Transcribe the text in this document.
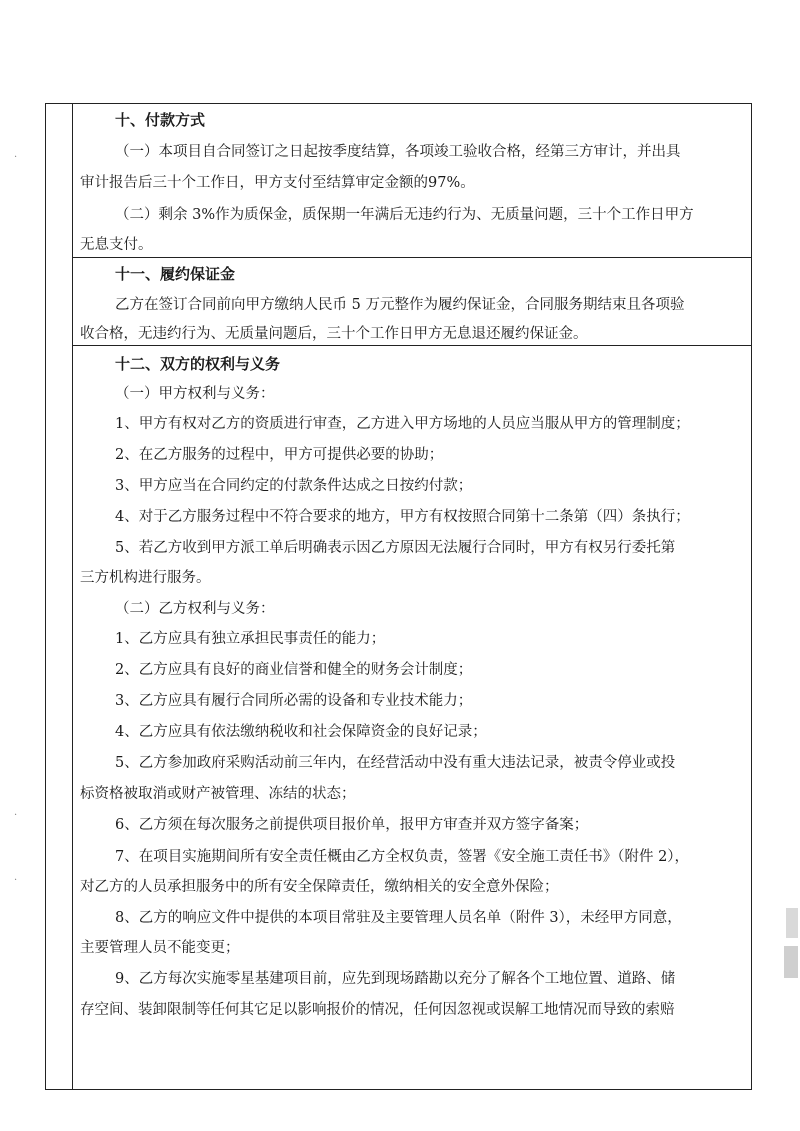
十、付款方式
（一）本项目自合同签订之日起按季度结算，各项竣工验收合格，经第三方审计，并出具
审计报告后三十个工作日，甲方支付至结算审定金额的97%。
（二）剩余 3%作为质保金，质保期一年满后无违约行为、无质量问题，三十个工作日甲方
无息支付。
十一、履约保证金
乙方在签订合同前向甲方缴纳人民币 5 万元整作为履约保证金，合同服务期结束且各项验
收合格，无违约行为、无质量问题后，三十个工作日甲方无息退还履约保证金。
十二、双方的权利与义务
（一）甲方权利与义务：
1、甲方有权对乙方的资质进行审查，乙方进入甲方场地的人员应当服从甲方的管理制度；
2、在乙方服务的过程中，甲方可提供必要的协助；
3、甲方应当在合同约定的付款条件达成之日按约付款；
4、对于乙方服务过程中不符合要求的地方，甲方有权按照合同第十二条第（四）条执行；
5、若乙方收到甲方派工单后明确表示因乙方原因无法履行合同时，甲方有权另行委托第
三方机构进行服务。
（二）乙方权利与义务：
1、乙方应具有独立承担民事责任的能力；
2、乙方应具有良好的商业信誉和健全的财务会计制度；
3、乙方应具有履行合同所必需的设备和专业技术能力；
4、乙方应具有依法缴纳税收和社会保障资金的良好记录；
5、乙方参加政府采购活动前三年内，在经营活动中没有重大违法记录，被责令停业或投
标资格被取消或财产被管理、冻结的状态；
6、乙方须在每次服务之前提供项目报价单，报甲方审查并双方签字备案；
7、在项目实施期间所有安全责任概由乙方全权负责，签署《安全施工责任书》（附件 2），
对乙方的人员承担服务中的所有安全保障责任，缴纳相关的安全意外保险；
8、乙方的响应文件中提供的本项目常驻及主要管理人员名单（附件 3），未经甲方同意，
主要管理人员不能变更；
9、乙方每次实施零星基建项目前，应先到现场踏勘以充分了解各个工地位置、道路、储
存空间、装卸限制等任何其它足以影响报价的情况，任何因忽视或误解工地情况而导致的索赔
·
·
·
